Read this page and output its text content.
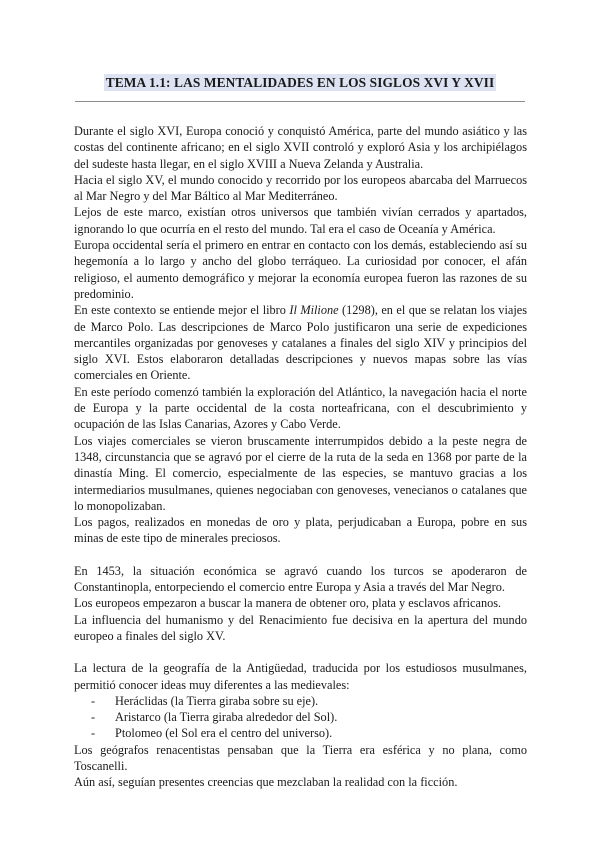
TEMA 1.1: LAS MENTALIDADES EN LOS SIGLOS XVI Y XVII

Durante el siglo XVI, Europa conoció y conquistó América, parte del mundo asiático y las costas del continente africano; en el siglo XVII controló y exploró Asia y los archipiélagos del sudeste hasta llegar, en el siglo XVIII a Nueva Zelanda y Australia.

Hacia el siglo XV, el mundo conocido y recorrido por los europeos abarcaba del Marruecos al Mar Negro y del Mar Báltico al Mar Mediterráneo.

Lejos de este marco, existían otros universos que también vivían cerrados y apartados, ignorando lo que ocurría en el resto del mundo. Tal era el caso de Oceanía y América.

Europa occidental sería el primero en entrar en contacto con los demás, estableciendo así su hegemonía a lo largo y ancho del globo terráqueo. La curiosidad por conocer, el afán religioso, el aumento demográfico y mejorar la economía europea fueron las razones de su predominio.

En este contexto se entiende mejor el libro Il Milione (1298), en el que se relatan los viajes de Marco Polo. Las descripciones de Marco Polo justificaron una serie de expediciones mercantiles organizadas por genoveses y catalanes a finales del siglo XIV y principios del siglo XVI. Estos elaboraron detalladas descripciones y nuevos mapas sobre las vías comerciales en Oriente.

En este período comenzó también la exploración del Atlántico, la navegación hacia el norte de Europa y la parte occidental de la costa norteafricana, con el descubrimiento y ocupación de las Islas Canarias, Azores y Cabo Verde.

Los viajes comerciales se vieron bruscamente interrumpidos debido a la peste negra de 1348, circunstancia que se agravó por el cierre de la ruta de la seda en 1368 por parte de la dinastía Ming. El comercio, especialmente de las especies, se mantuvo gracias a los intermediarios musulmanes, quienes negociaban con genoveses, venecianos o catalanes que lo monopolizaban.

Los pagos, realizados en monedas de oro y plata, perjudicaban a Europa, pobre en sus minas de este tipo de minerales preciosos.

En 1453, la situación económica se agravó cuando los turcos se apoderaron de Constantinopla, entorpeciendo el comercio entre Europa y Asia a través del Mar Negro.

Los europeos empezaron a buscar la manera de obtener oro, plata y esclavos africanos.

La influencia del humanismo y del Renacimiento fue decisiva en la apertura del mundo europeo a finales del siglo XV.

La lectura de la geografía de la Antigüedad, traducida por los estudiosos musulmanes, permitió conocer ideas muy diferentes a las medievales:

-	Heráclidas (la Tierra giraba sobre su eje).
-	Aristarco (la Tierra giraba alrededor del Sol).
-	Ptolomeo (el Sol era el centro del universo).

Los geógrafos renacentistas pensaban que la Tierra era esférica y no plana, como Toscanelli.

Aún así, seguían presentes creencias que mezclaban la realidad con la ficción.
